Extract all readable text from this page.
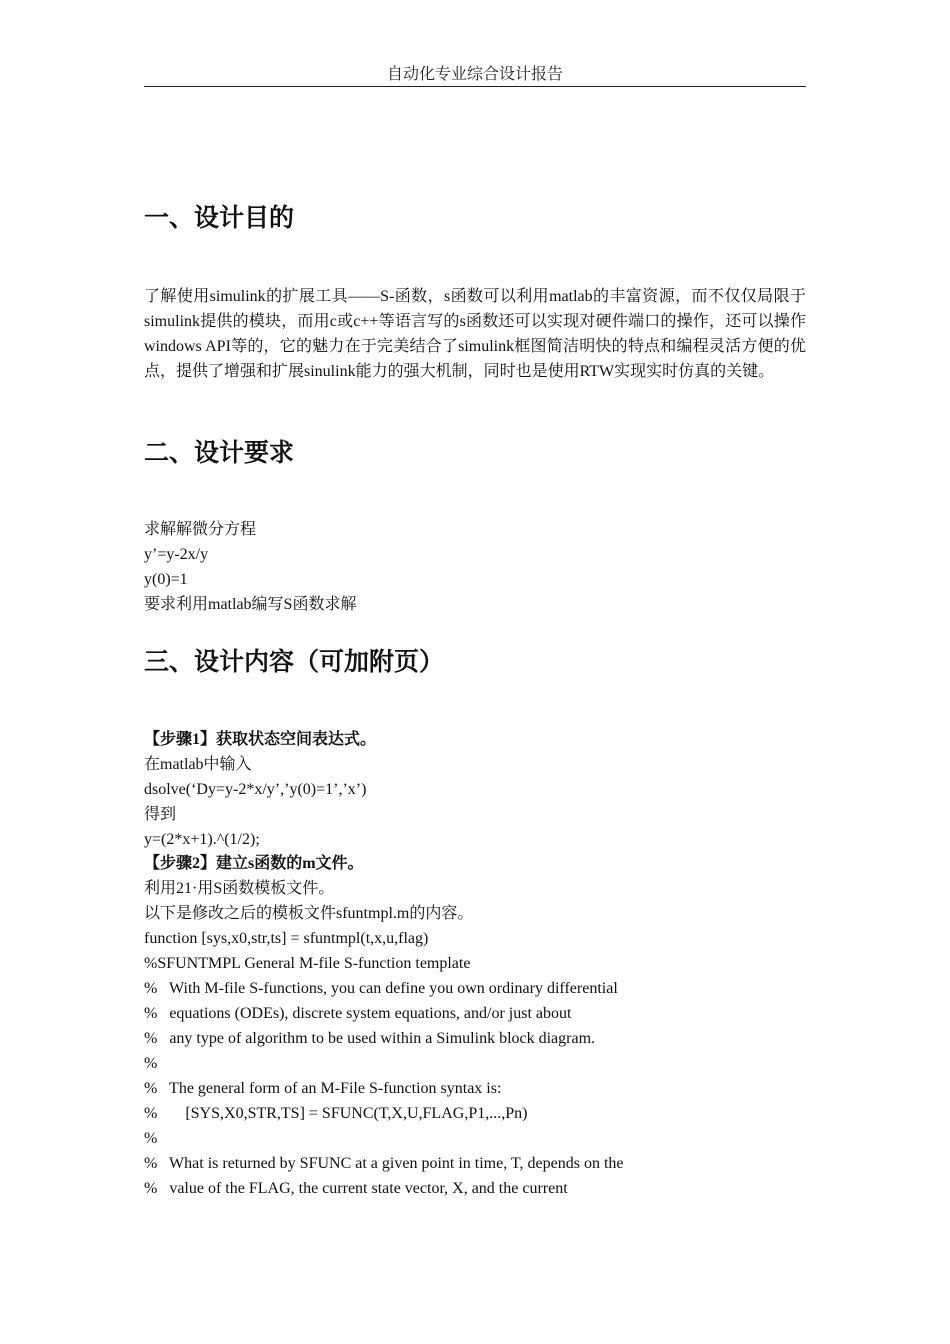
自动化专业综合设计报告
一、设计目的
了解使用simulink的扩展工具——S-函数，s函数可以利用matlab的丰富资源，而不仅仅局限于simulink提供的模块，而用c或c++等语言写的s函数还可以实现对硬件端口的操作，还可以操作windows API等的，它的魅力在于完美结合了simulink框图简洁明快的特点和编程灵活方便的优点，提供了增强和扩展sinulink能力的强大机制，同时也是使用RTW实现实时仿真的关键。
二、设计要求
求解解微分方程
y’=y-2x/y
y(0)=1
要求利用matlab编写S函数求解
三、设计内容（可加附页）
【步骤1】获取状态空间表达式。
在matlab中输入
dsolve(‘Dy=y-2*x/y’,’y(0)=1’,’x’)
得到
y=(2*x+1).^(1/2);
【步骤2】建立s函数的m文件。
利用21·用S函数模板文件。
以下是修改之后的模板文件sfuntmpl.m的内容。
function [sys,x0,str,ts] = sfuntmpl(t,x,u,flag)
%SFUNTMPL General M-file S-function template
%   With M-file S-functions, you can define you own ordinary differential
%   equations (ODEs), discrete system equations, and/or just about
%   any type of algorithm to be used within a Simulink block diagram.
%
%   The general form of an M-File S-function syntax is:
%       [SYS,X0,STR,TS] = SFUNC(T,X,U,FLAG,P1,...,Pn)
%
%   What is returned by SFUNC at a given point in time, T, depends on the
%   value of the FLAG, the current state vector, X, and the current
